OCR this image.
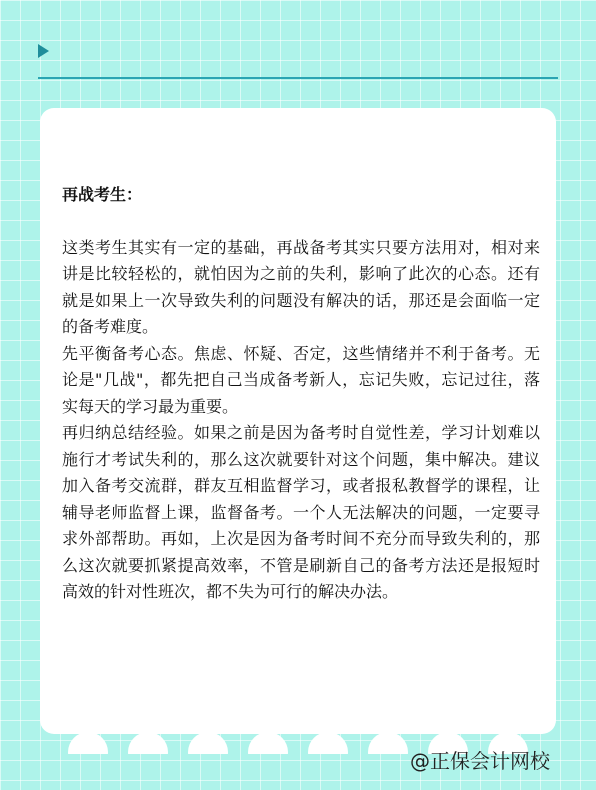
再战考生：

这类考生其实有一定的基础，再战备考其实只要方法用对，相对来讲是比较轻松的，就怕因为之前的失利，影响了此次的心态。还有就是如果上一次导致失利的问题没有解决的话，那还是会面临一定的备考难度。

先平衡备考心态。焦虑、怀疑、否定，这些情绪并不利于备考。无论是"几战"，都先把自己当成备考新人，忘记失败，忘记过往，落实每天的学习最为重要。

再归纳总结经验。如果之前是因为备考时自觉性差，学习计划难以施行才考试失利的，那么这次就要针对这个问题，集中解决。建议加入备考交流群，群友互相监督学习，或者报私教督学的课程，让辅导老师监督上课，监督备考。一个人无法解决的问题，一定要寻求外部帮助。再如，上次是因为备考时间不充分而导致失利的，那么这次就要抓紧提高效率，不管是刷新自己的备考方法还是报短时高效的针对性班次，都不失为可行的解决办法。

@正保会计网校
